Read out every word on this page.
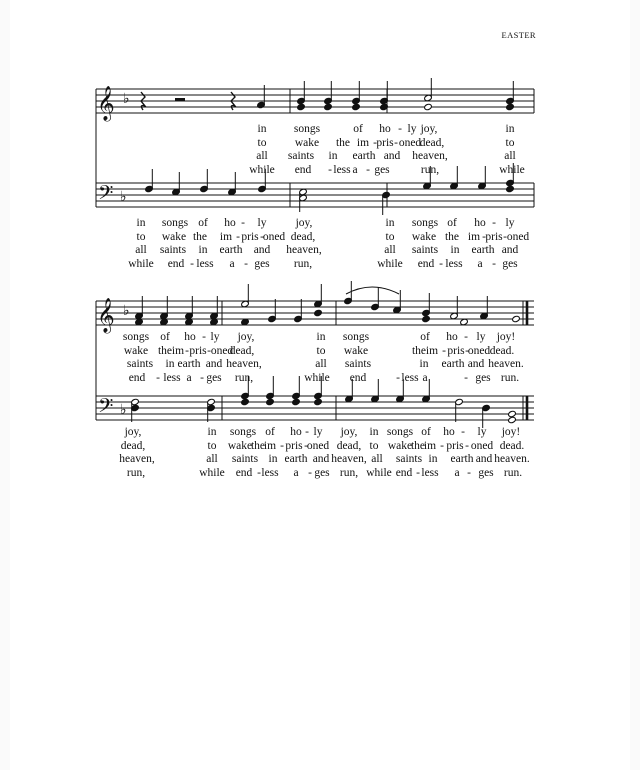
EASTER
𝄞
𝄢
♭
♭
𝄞
𝄢
♭
♭
in songs	of ho - ly joy,	in
to wake the im - pris - oned
dead,	to
all saints in earth and heaven,	all
while end - less a - ges	run,	while
in songs of ho - ly	joy,	in songs of ho - ly
to wake the im - pris -
oned dead,	to wake the im - pris - oned
all saints in earth and heaven,	all saints in earth and
while end - less a - ges run,	while end - less a - ges
songs of ho - ly joy,	in songs	of ho - ly joy!
wake the im - pris - oned
dead,	to wake	the im - pris -
oned dead.
saints in earth and heaven,	all saints	in earth and heaven.
end - less a - ges run,	while end	- less a	- ges run.
joy,	in songs of ho - ly joy, in songs of ho - ly joy!
dead,	to wake
the
im - pris -
oned dead, to wake
the
im - pris - oned dead.
heaven,	all saints in earth and heaven, all saints in earth and heaven.
run,	while end - less a - ges run, while end - less a - ges run.
